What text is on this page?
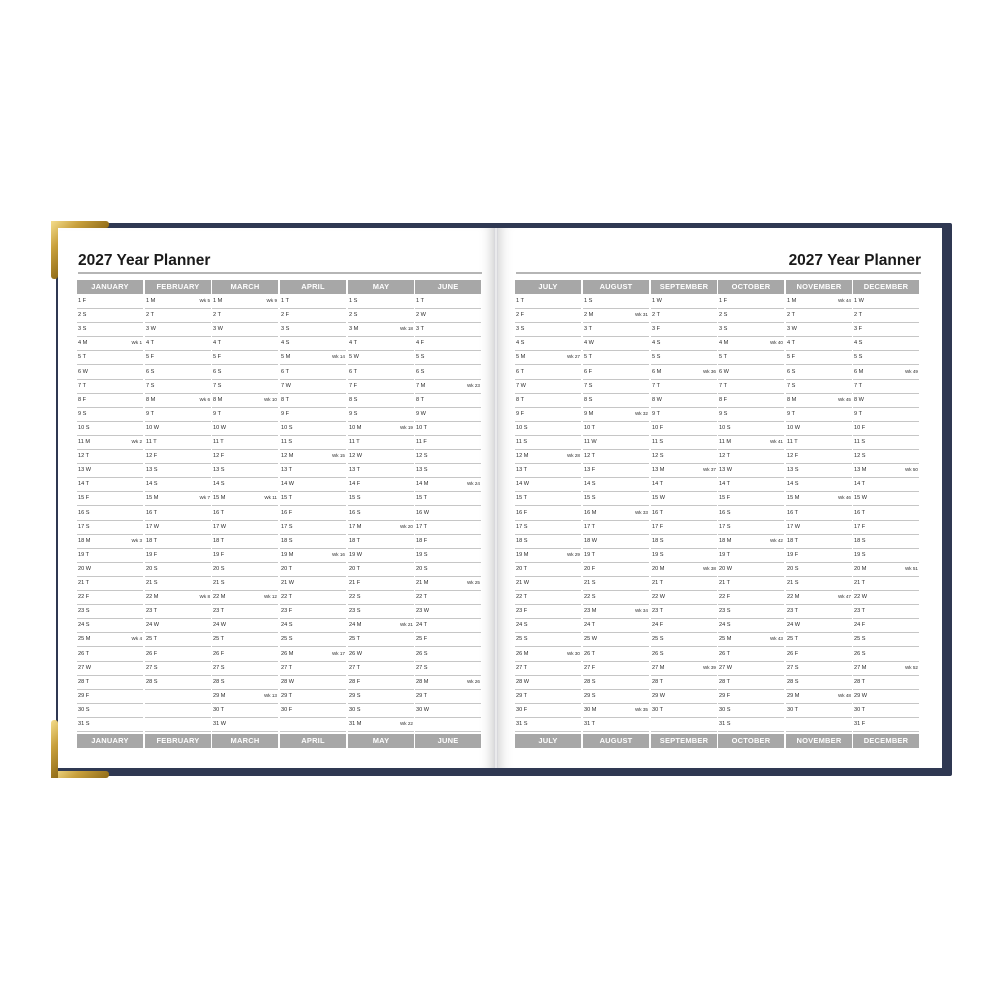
2027 Year Planner	2027 Year Planner
JANUARY
1 F
2 S
3 S
4 M	Wk 1
5 T
6 W
7 T
8 F
9 S
10 S
11 M	Wk 2
12 T
13 W
14 T
15 F
16 S
17 S
18 M	Wk 3
19 T
20 W
21 T
22 F
23 S
24 S
25 M	Wk 4
26 T
27 W
28 T
29 F
30 S
31 S
JANUARY
FEBRUARY
1 M	Wk 5
2 T
3 W
4 T
5 F
6 S
7 S
8 M	Wk 6
9 T
10 W
11 T
12 F
13 S
14 S
15 M	Wk 7
16 T
17 W
18 T
19 F
20 S
21 S
22 M	Wk 8
23 T
24 W
25 T
26 F
27 S
28 S
FEBRUARY
MARCH
1 M	Wk 9
2 T
3 W
4 T
5 F
6 S
7 S
8 M	Wk 10
9 T
10 W
11 T
12 F
13 S
14 S
15 M	Wk 11
16 T
17 W
18 T
19 F
20 S
21 S
22 M	Wk 12
23 T
24 W
25 T
26 F
27 S
28 S
29 M	Wk 13
30 T
31 W
MARCH
APRIL
1 T
2 F
3 S
4 S
5 M	Wk 14
6 T
7 W
8 T
9 F
10 S
11 S
12 M	Wk 15
13 T
14 W
15 T
16 F
17 S
18 S
19 M	Wk 16
20 T
21 W
22 T
23 F
24 S
25 S
26 M	Wk 17
27 T
28 W
29 T
30 F
APRIL
MAY
1 S
2 S
3 M	Wk 18
4 T
5 W
6 T
7 F
8 S
9 S
10 M	Wk 19
11 T
12 W
13 T
14 F
15 S
16 S
17 M	Wk 20
18 T
19 W
20 T
21 F
22 S
23 S
24 M	Wk 21
25 T
26 W
27 T
28 F
29 S
30 S
31 M	Wk 22
MAY
JUNE
1 T
2 W
3 T
4 F
5 S
6 S
7 M	Wk 23
8 T
9 W
10 T
11 F
12 S
13 S
14 M	Wk 24
15 T
16 W
17 T
18 F
19 S
20 S
21 M	Wk 25
22 T
23 W
24 T
25 F
26 S
27 S
28 M	Wk 26
29 T
30 W
JUNE
JULY
1 T
2 F
3 S
4 S
5 M	Wk 27
6 T
7 W
8 T
9 F
10 S
11 S
12 M	Wk 28
13 T
14 W
15 T
16 F
17 S
18 S
19 M	Wk 29
20 T
21 W
22 T
23 F
24 S
25 S
26 M	Wk 30
27 T
28 W
29 T
30 F
31 S
JULY
AUGUST
1 S
2 M	Wk 31
3 T
4 W
5 T
6 F
7 S
8 S
9 M	Wk 32
10 T
11 W
12 T
13 F
14 S
15 S
16 M	Wk 33
17 T
18 W
19 T
20 F
21 S
22 S
23 M	Wk 34
24 T
25 W
26 T
27 F
28 S
29 S
30 M	Wk 35
31 T
AUGUST
SEPTEMBER
1 W
2 T
3 F
4 S
5 S
6 M	Wk 36
7 T
8 W
9 T
10 F
11 S
12 S
13 M	Wk 37
14 T
15 W
16 T
17 F
18 S
19 S
20 M	Wk 38
21 T
22 W
23 T
24 F
25 S
26 S
27 M	Wk 39
28 T
29 W
30 T
SEPTEMBER
OCTOBER
1 F
2 S
3 S
4 M	Wk 40
5 T
6 W
7 T
8 F
9 S
10 S
11 M	Wk 41
12 T
13 W
14 T
15 F
16 S
17 S
18 M	Wk 42
19 T
20 W
21 T
22 F
23 S
24 S
25 M	Wk 43
26 T
27 W
28 T
29 F
30 S
31 S
OCTOBER
NOVEMBER
1 M	Wk 44
2 T
3 W
4 T
5 F
6 S
7 S
8 M	Wk 45
9 T
10 W
11 T
12 F
13 S
14 S
15 M	Wk 46
16 T
17 W
18 T
19 F
20 S
21 S
22 M	Wk 47
23 T
24 W
25 T
26 F
27 S
28 S
29 M	Wk 48
30 T
NOVEMBER
DECEMBER
1 W
2 T
3 F
4 S
5 S
6 M	Wk 49
7 T
8 W
9 T
10 F
11 S
12 S
13 M	Wk 50
14 T
15 W
16 T
17 F
18 S
19 S
20 M	Wk 51
21 T
22 W
23 T
24 F
25 S
26 S
27 M	Wk 52
28 T
29 W
30 T
31 F
DECEMBER
